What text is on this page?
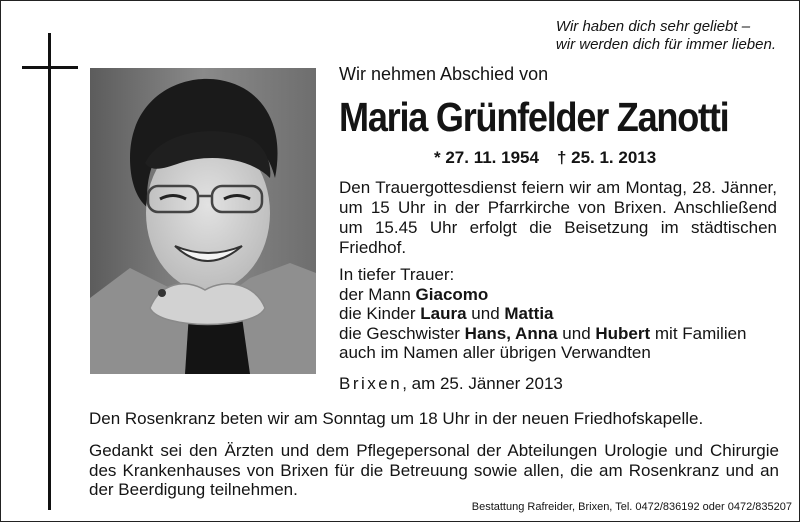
Wir haben dich sehr geliebt –
wir werden dich für immer lieben.
Wir nehmen Abschied von
Maria Grünfelder Zanotti
* 27. 11. 1954 † 25. 1. 2013
Den Trauergottesdienst feiern wir am Montag, 28. Jänner, um 15 Uhr in der Pfarrkirche von Brixen. Anschließend um 15.45 Uhr erfolgt die Beisetzung im städtischen Friedhof.
In tiefer Trauer:
der Mann Giacomo
die Kinder Laura und Mattia
die Geschwister Hans, Anna und Hubert mit Familien
auch im Namen aller übrigen Verwandten
Brixen, am 25. Jänner 2013
Den Rosenkranz beten wir am Sonntag um 18 Uhr in der neuen Friedhofskapelle.
Gedankt sei den Ärzten und dem Pflegepersonal der Abteilungen Urologie und Chirurgie des Krankenhauses von Brixen für die Betreuung sowie allen, die am Rosenkranz und an der Beerdigung teilnehmen.
Bestattung Rafreider, Brixen, Tel. 0472/836192 oder 0472/835207
